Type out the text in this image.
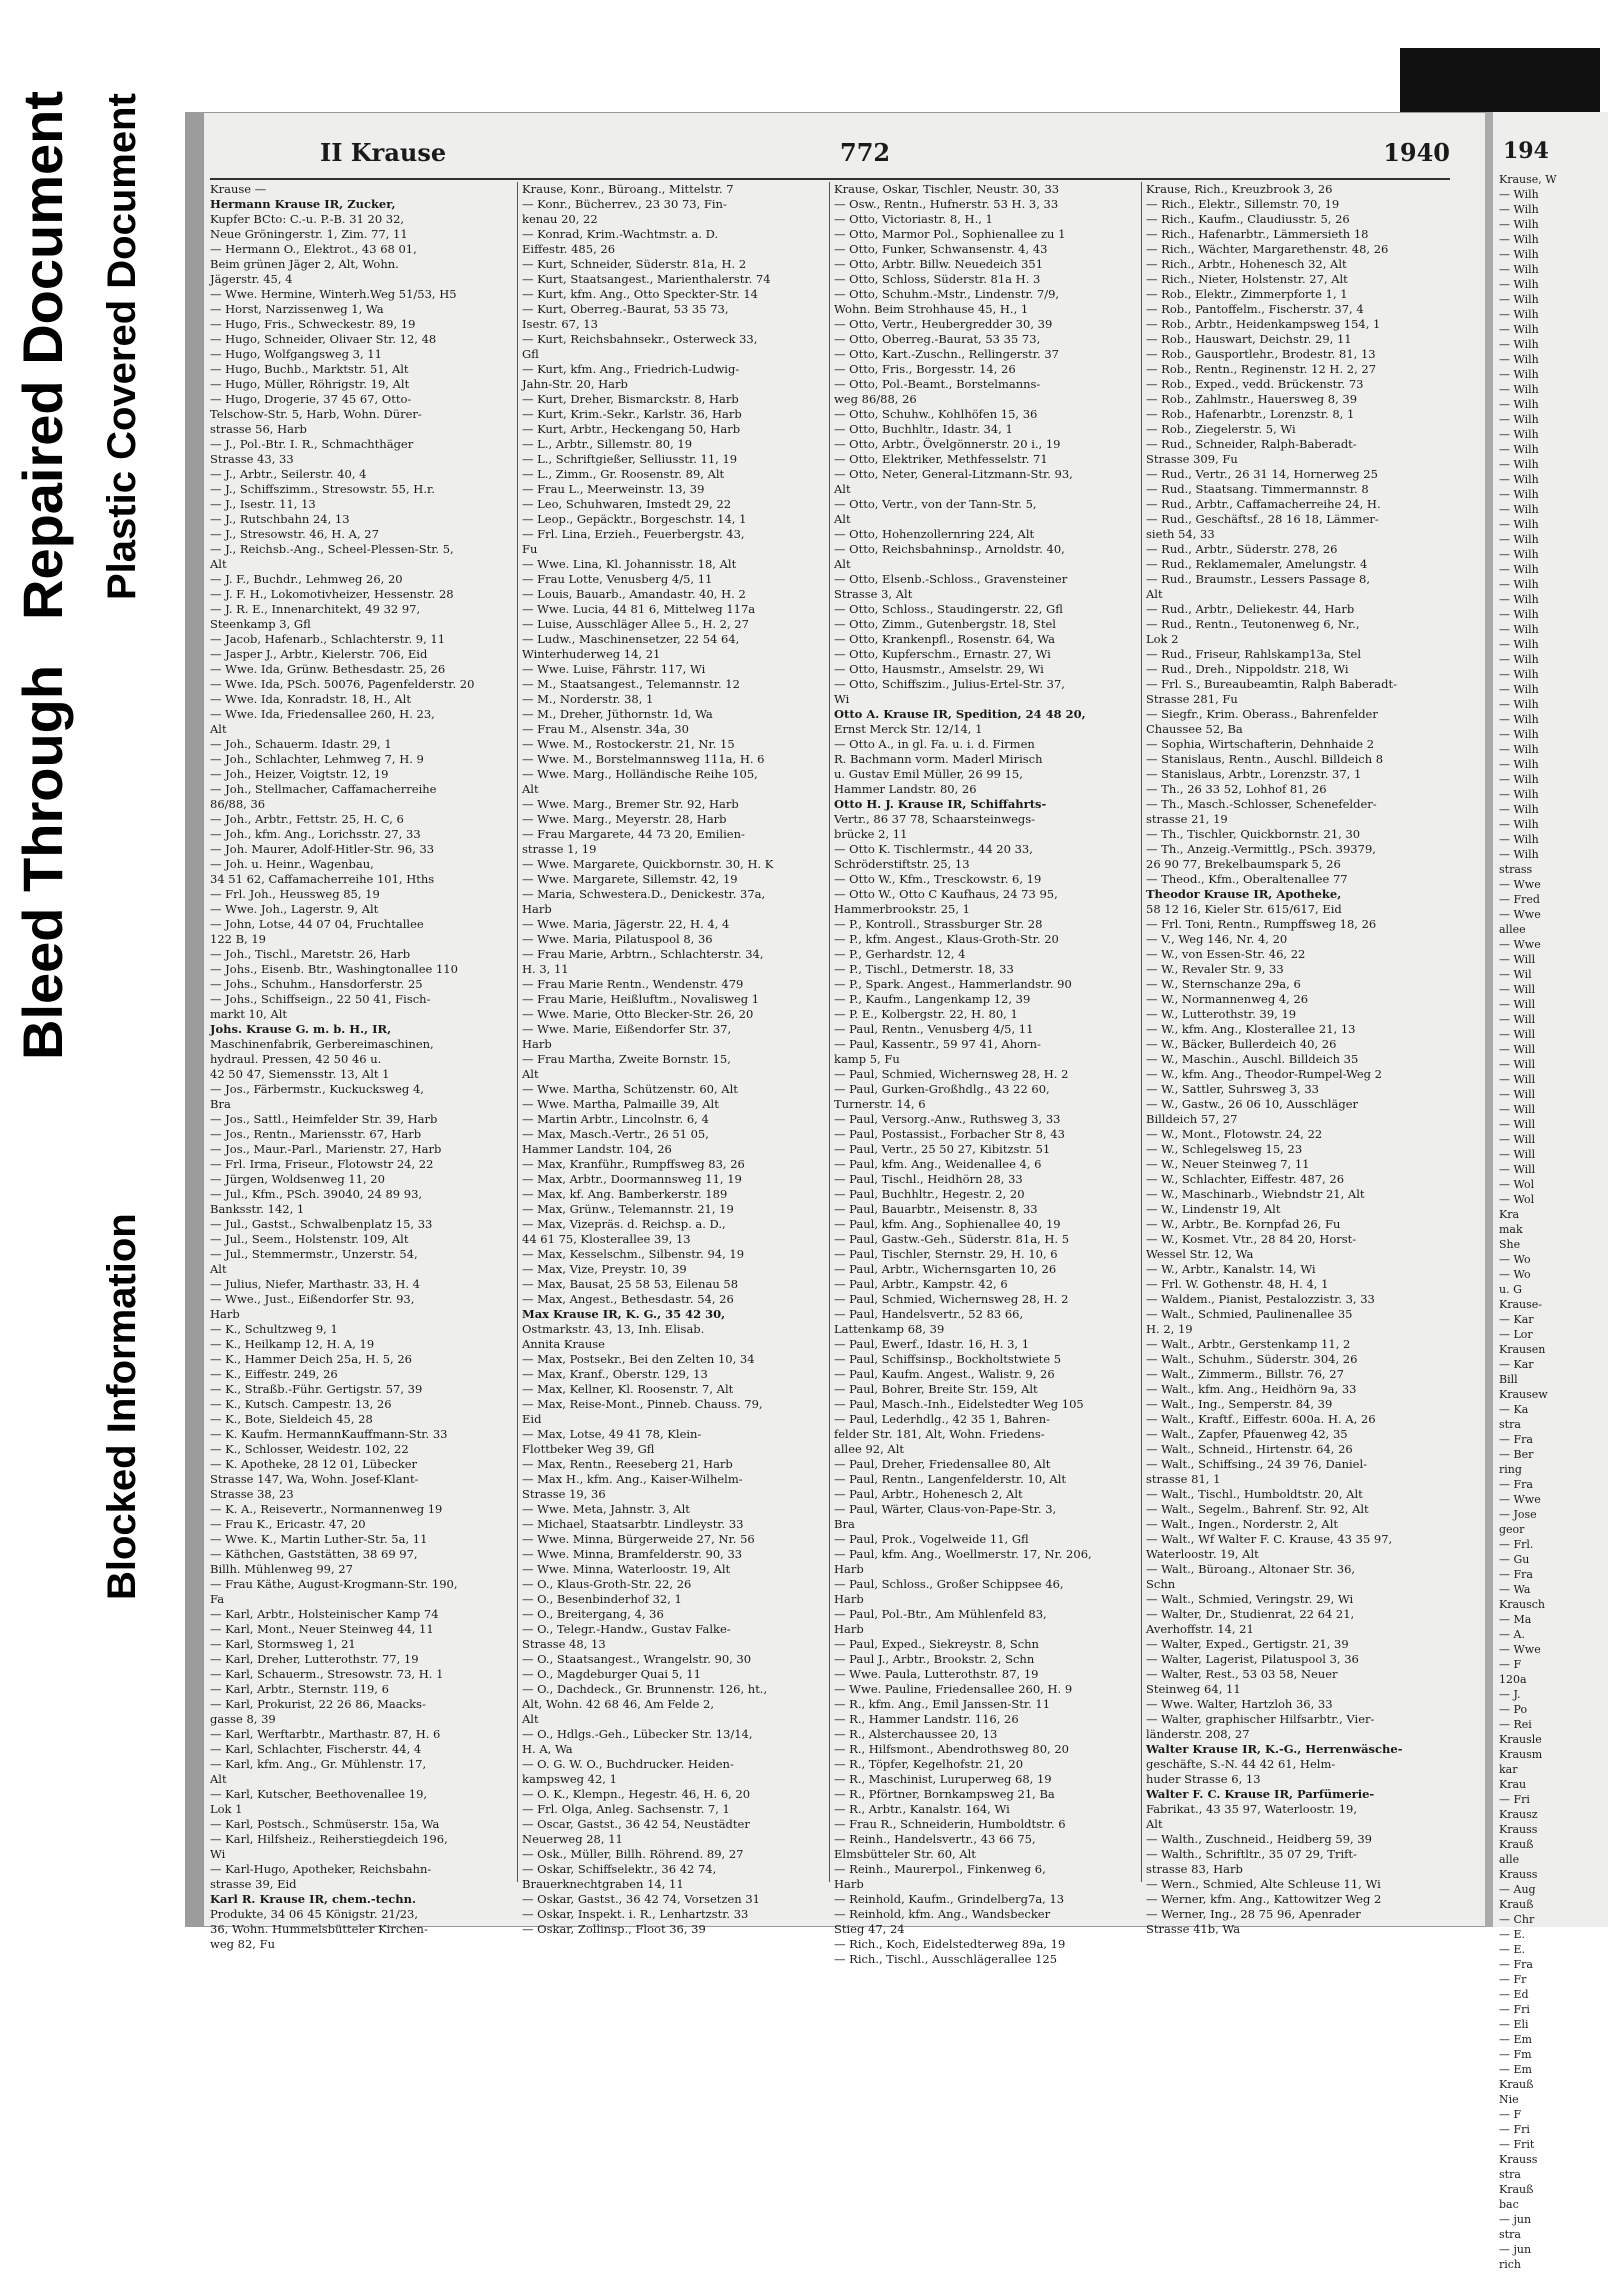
Repaired Document
Bleed Through
Plastic Covered Document
Blocked Information
194
Krause, W
— Wilh
— Wilh
— Wilh
— Wilh
— Wilh
— Wilh
— Wilh
— Wilh
— Wilh
— Wilh
— Wilh
— Wilh
— Wilh
— Wilh
— Wilh
— Wilh
— Wilh
— Wilh
— Wilh
— Wilh
— Wilh
— Wilh
— Wilh
— Wilh
— Wilh
— Wilh
— Wilh
— Wilh
— Wilh
— Wilh
— Wilh
— Wilh
— Wilh
— Wilh
— Wilh
— Wilh
— Wilh
— Wilh
— Wilh
— Wilh
— Wilh
— Wilh
— Wilh
— Wilh
— Wilh
strass
— Wwe
— Fred
— Wwe
allee
— Wwe
— Will
— Wil
— Will
— Will
— Will
— Will
— Will
— Will
— Will
— Will
— Will
— Will
— Will
— Will
— Will
— Wol
— Wol
Kra
mak
She
— Wo
— Wo
u. G
Krause-
— Kar
— Lor
Krausen
— Kar
Bill
Krausew
— Ka
stra
— Fra
— Ber
ring
— Fra
— Wwe
— Jose
geor
— Frl.
— Gu
— Fra
— Wa
Krausch
— Ma
— A.
— Wwe
— F
120a
— J.
— Po
— Rei
Krausle
Krausm
kar
Krau
— Fri
Krausz
Krauss
Krauß
alle
Krauss
— Aug
Krauß
— Chr
— E.
— E.
— Fra
— Fr
— Ed
— Fri
— Eli
— Em
— Fm
— Em
Krauß
Nie
— F
— Fri
— Frit
Krauss
stra
Krauß
bac
— jun
stra
— jun
rich
II Krause	772	1940
Krause —
Hermann Krause IR, Zucker,
Kupfer BCto: C.-u. P.-B. 31 20 32,
Neue Gröningerstr. 1, Zim. 77, 11
— Hermann O., Elektrot., 43 68 01,
Beim grünen Jäger 2, Alt, Wohn.
Jägerstr. 45, 4
— Wwe. Hermine, Winterh.Weg 51/53, H5
— Horst, Narzissenweg 1, Wa
— Hugo, Fris., Schweckestr. 89, 19
— Hugo, Schneider, Olivaer Str. 12, 48
— Hugo, Wolfgangsweg 3, 11
— Hugo, Buchb., Marktstr. 51, Alt
— Hugo, Müller, Röhrigstr. 19, Alt
— Hugo, Drogerie, 37 45 67, Otto-
Telschow-Str. 5, Harb, Wohn. Dürer-
strasse 56, Harb
— J., Pol.-Btr. I. R., Schmachthäger
Strasse 43, 33
— J., Arbtr., Seilerstr. 40, 4
— J., Schiffszimm., Stresowstr. 55, H.r.
— J., Isestr. 11, 13
— J., Rutschbahn 24, 13
— J., Stresowstr. 46, H. A, 27
— J., Reichsb.-Ang., Scheel-Plessen-Str. 5,
Alt
— J. F., Buchdr., Lehmweg 26, 20
— J. F. H., Lokomotivheizer, Hessenstr. 28
— J. R. E., Innenarchitekt, 49 32 97,
Steenkamp 3, Gfl
— Jacob, Hafenarb., Schlachterstr. 9, 11
— Jasper J., Arbtr., Kielerstr. 706, Eid
— Wwe. Ida, Grünw. Bethesdastr. 25, 26
— Wwe. Ida, PSch. 50076, Pagenfelderstr. 20
— Wwe. Ida, Konradstr. 18, H., Alt
— Wwe. Ida, Friedensallee 260, H. 23,
Alt
— Joh., Schauerm. Idastr. 29, 1
— Joh., Schlachter, Lehmweg 7, H. 9
— Joh., Heizer, Voigtstr. 12, 19
— Joh., Stellmacher, Caffamacherreihe
86/88, 36
— Joh., Arbtr., Fettstr. 25, H. C, 6
— Joh., kfm. Ang., Lorichsstr. 27, 33
— Joh. Maurer, Adolf-Hitler-Str. 96, 33
— Joh. u. Heinr., Wagenbau,
34 51 62, Caffamacherreihe 101, Hths
— Frl. Joh., Heussweg 85, 19
— Wwe. Joh., Lagerstr. 9, Alt
— John, Lotse, 44 07 04, Fruchtallee
122 B, 19
— Joh., Tischl., Maretstr. 26, Harb
— Johs., Eisenb. Btr., Washingtonallee 110
— Johs., Schuhm., Hansdorferstr. 25
— Johs., Schiffseign., 22 50 41, Fisch-
markt 10, Alt
Johs. Krause G. m. b. H., IR,
Maschinenfabrik, Gerbereimaschinen,
hydraul. Pressen, 42 50 46 u.
42 50 47, Siemensstr. 13, Alt 1
— Jos., Färbermstr., Kuckucksweg 4,
Bra
— Jos., Sattl., Heimfelder Str. 39, Harb
— Jos., Rentn., Mariensstr. 67, Harb
— Jos., Maur.-Parl., Marienstr. 27, Harb
— Frl. Irma, Friseur., Flotowstr 24, 22
— Jürgen, Woldsenweg 11, 20
— Jul., Kfm., PSch. 39040, 24 89 93,
Banksstr. 142, 1
— Jul., Gastst., Schwalbenplatz 15, 33
— Jul., Seem., Holstenstr. 109, Alt
— Jul., Stemmermstr., Unzerstr. 54,
Alt
— Julius, Niefer, Marthastr. 33, H. 4
— Wwe., Just., Eißendorfer Str. 93,
Harb
— K., Schultzweg 9, 1
— K., Heilkamp 12, H. A, 19
— K., Hammer Deich 25a, H. 5, 26
— K., Eiffestr. 249, 26
— K., Straßb.-Führ. Gertigstr. 57, 39
— K., Kutsch. Campestr. 13, 26
— K., Bote, Sieldeich 45, 28
— K. Kaufm. HermannKauffmann-Str. 33
— K., Schlosser, Weidestr. 102, 22
— K. Apotheke, 28 12 01, Lübecker
Strasse 147, Wa, Wohn. Josef-Klant-
Strasse 38, 23
— K. A., Reisevertr., Normannenweg 19
— Frau K., Ericastr. 47, 20
— Wwe. K., Martin Luther-Str. 5a, 11
— Käthchen, Gaststätten, 38 69 97,
Billh. Mühlenweg 99, 27
— Frau Käthe, August-Krogmann-Str. 190,
Fa
— Karl, Arbtr., Holsteinischer Kamp 74
— Karl, Mont., Neuer Steinweg 44, 11
— Karl, Stormsweg 1, 21
— Karl, Dreher, Lutterothstr. 77, 19
— Karl, Schauerm., Stresowstr. 73, H. 1
— Karl, Arbtr., Sternstr. 119, 6
— Karl, Prokurist, 22 26 86, Maacks-
gasse 8, 39
— Karl, Werftarbtr., Marthastr. 87, H. 6
— Karl, Schlachter, Fischerstr. 44, 4
— Karl, kfm. Ang., Gr. Mühlenstr. 17,
Alt
— Karl, Kutscher, Beethovenallee 19,
Lok 1
— Karl, Postsch., Schmüserstr. 15a, Wa
— Karl, Hilfsheiz., Reiherstiegdeich 196,
Wi
— Karl-Hugo, Apotheker, Reichsbahn-
strasse 39, Eid
Karl R. Krause IR, chem.-techn.
Produkte, 34 06 45 Königstr. 21/23,
36, Wohn. Hummelsbütteler Kirchen-
weg 82, Fu
Krause, Konr., Büroang., Mittelstr. 7
— Konr., Bücherrev., 23 30 73, Fin-
kenau 20, 22
— Konrad, Krim.-Wachtmstr. a. D.
Eiffestr. 485, 26
— Kurt, Schneider, Süderstr. 81a, H. 2
— Kurt, Staatsangest., Marienthalerstr. 74
— Kurt, kfm. Ang., Otto Speckter-Str. 14
— Kurt, Oberreg.-Baurat, 53 35 73,
Isestr. 67, 13
— Kurt, Reichsbahnsekr., Osterweck 33,
Gfl
— Kurt, kfm. Ang., Friedrich-Ludwig-
Jahn-Str. 20, Harb
— Kurt, Dreher, Bismarckstr. 8, Harb
— Kurt, Krim.-Sekr., Karlstr. 36, Harb
— Kurt, Arbtr., Heckengang 50, Harb
— L., Arbtr., Sillemstr. 80, 19
— L., Schriftgießer, Selliusstr. 11, 19
— L., Zimm., Gr. Roosenstr. 89, Alt
— Frau L., Meerweinstr. 13, 39
— Leo, Schuhwaren, Imstedt 29, 22
— Leop., Gepäcktr., Borgeschstr. 14, 1
— Frl. Lina, Erzieh., Feuerbergstr. 43,
Fu
— Wwe. Lina, Kl. Johannisstr. 18, Alt
— Frau Lotte, Venusberg 4/5, 11
— Louis, Bauarb., Amandastr. 40, H. 2
— Wwe. Lucia, 44 81 6, Mittelweg 117a
— Luise, Ausschläger Allee 5., H. 2, 27
— Ludw., Maschinensetzer, 22 54 64,
Winterhuderweg 14, 21
— Wwe. Luise, Fährstr. 117, Wi
— M., Staatsangest., Telemannstr. 12
— M., Norderstr. 38, 1
— M., Dreher, Jüthornstr. 1d, Wa
— Frau M., Alsenstr. 34a, 30
— Wwe. M., Rostockerstr. 21, Nr. 15
— Wwe. M., Borstelmannsweg 111a, H. 6
— Wwe. Marg., Holländische Reihe 105,
Alt
— Wwe. Marg., Bremer Str. 92, Harb
— Wwe. Marg., Meyerstr. 28, Harb
— Frau Margarete, 44 73 20, Emilien-
strasse 1, 19
— Wwe. Margarete, Quickbornstr. 30, H. K
— Wwe. Margarete, Sillemstr. 42, 19
— Maria, Schwestera.D., Denickestr. 37a,
Harb
— Wwe. Maria, Jägerstr. 22, H. 4, 4
— Wwe. Maria, Pilatuspool 8, 36
— Frau Marie, Arbtrn., Schlachterstr. 34,
H. 3, 11
— Frau Marie Rentn., Wendenstr. 479
— Frau Marie, Heißluftm., Novalisweg 1
— Wwe. Marie, Otto Blecker-Str. 26, 20
— Wwe. Marie, Eißendorfer Str. 37,
Harb
— Frau Martha, Zweite Bornstr. 15,
Alt
— Wwe. Martha, Schützenstr. 60, Alt
— Wwe. Martha, Palmaille 39, Alt
— Martin Arbtr., Lincolnstr. 6, 4
— Max, Masch.-Vertr., 26 51 05,
Hammer Landstr. 104, 26
— Max, Kranführ., Rumpffsweg 83, 26
— Max, Arbtr., Doormannsweg 11, 19
— Max, kf. Ang. Bamberkerstr. 189
— Max, Grünw., Telemannstr. 21, 19
— Max, Vizepräs. d. Reichsp. a. D.,
44 61 75, Klosterallee 39, 13
— Max, Kesselschm., Silbenstr. 94, 19
— Max, Vize, Preystr. 10, 39
— Max, Bausat, 25 58 53, Eilenau 58
— Max, Angest., Bethesdastr. 54, 26
Max Krause IR, K. G., 35 42 30,
Ostmarkstr. 43, 13, Inh. Elisab.
Annita Krause
— Max, Postsekr., Bei den Zelten 10, 34
— Max, Kranf., Oberstr. 129, 13
— Max, Kellner, Kl. Roosenstr. 7, Alt
— Max, Reise-Mont., Pinneb. Chauss. 79,
Eid
— Max, Lotse, 49 41 78, Klein-
Flottbeker Weg 39, Gfl
— Max, Rentn., Reeseberg 21, Harb
— Max H., kfm. Ang., Kaiser-Wilhelm-
Strasse 19, 36
— Wwe. Meta, Jahnstr. 3, Alt
— Michael, Staatsarbtr. Lindleystr. 33
— Wwe. Minna, Bürgerweide 27, Nr. 56
— Wwe. Minna, Bramfelderstr. 90, 33
— Wwe. Minna, Waterloostr. 19, Alt
— O., Klaus-Groth-Str. 22, 26
— O., Besenbinderhof 32, 1
— O., Breitergang, 4, 36
— O., Telegr.-Handw., Gustav Falke-
Strasse 48, 13
— O., Staatsangest., Wrangelstr. 90, 30
— O., Magdeburger Quai 5, 11
— O., Dachdeck., Gr. Brunnenstr. 126, ht.,
Alt, Wohn. 42 68 46, Am Felde 2,
Alt
— O., Hdlgs.-Geh., Lübecker Str. 13/14,
H. A, Wa
— O. G. W. O., Buchdrucker. Heiden-
kampsweg 42, 1
— O. K., Klempn., Hegestr. 46, H. 6, 20
— Frl. Olga, Anleg. Sachsenstr. 7, 1
— Oscar, Gastst., 36 42 54, Neustädter
Neuerweg 28, 11
— Osk., Müller, Billh. Röhrend. 89, 27
— Oskar, Schiffselektr., 36 42 74,
Brauerknechtgraben 14, 11
— Oskar, Gastst., 36 42 74, Vorsetzen 31
— Oskar, Inspekt. i. R., Lenhartzstr. 33
— Oskar, Zollinsp., Floot 36, 39
Krause, Oskar, Tischler, Neustr. 30, 33
— Osw., Rentn., Hufnerstr. 53 H. 3, 33
— Otto, Victoriastr. 8, H., 1
— Otto, Marmor Pol., Sophienallee zu 1
— Otto, Funker, Schwansenstr. 4, 43
— Otto, Arbtr. Billw. Neuedeich 351
— Otto, Schloss, Süderstr. 81a H. 3
— Otto, Schuhm.-Mstr., Lindenstr. 7/9,
Wohn. Beim Strohhause 45, H., 1
— Otto, Vertr., Heubergredder 30, 39
— Otto, Oberreg.-Baurat, 53 35 73,
— Otto, Kart.-Zuschn., Rellingerstr. 37
— Otto, Fris., Borgesstr. 14, 26
— Otto, Pol.-Beamt., Borstelmanns-
weg 86/88, 26
— Otto, Schuhw., Kohlhöfen 15, 36
— Otto, Buchhltr., Idastr. 34, 1
— Otto, Arbtr., Övelgönnerstr. 20 i., 19
— Otto, Elektriker, Methfesselstr. 71
— Otto, Neter, General-Litzmann-Str. 93,
Alt
— Otto, Vertr., von der Tann-Str. 5,
Alt
— Otto, Hohenzollernring 224, Alt
— Otto, Reichsbahninsp., Arnoldstr. 40,
Alt
— Otto, Elsenb.-Schloss., Gravensteiner
Strasse 3, Alt
— Otto, Schloss., Staudingerstr. 22, Gfl
— Otto, Zimm., Gutenbergstr. 18, Stel
— Otto, Krankenpfl., Rosenstr. 64, Wa
— Otto, Kupferschm., Ernastr. 27, Wi
— Otto, Hausmstr., Amselstr. 29, Wi
— Otto, Schiffszim., Julius-Ertel-Str. 37,
Wi
Otto A. Krause IR, Spedition, 24 48 20,
Ernst Merck Str. 12/14, 1
— Otto A., in gl. Fa. u. i. d. Firmen
R. Bachmann vorm. Maderl Mirisch
u. Gustav Emil Müller, 26 99 15,
Hammer Landstr. 80, 26
Otto H. J. Krause IR, Schiffahrts-
Vertr., 86 37 78, Schaarsteinwegs-
brücke 2, 11
— Otto K. Tischlermstr., 44 20 33,
Schröderstiftstr. 25, 13
— Otto W., Kfm., Tresckowstr. 6, 19
— Otto W., Otto C Kaufhaus, 24 73 95,
Hammerbrookstr. 25, 1
— P., Kontroll., Strassburger Str. 28
— P., kfm. Angest., Klaus-Groth-Str. 20
— P., Gerhardstr. 12, 4
— P., Tischl., Detmerstr. 18, 33
— P., Spark. Angest., Hammerlandstr. 90
— P., Kaufm., Langenkamp 12, 39
— P. E., Kolbergstr. 22, H. 80, 1
— Paul, Rentn., Venusberg 4/5, 11
— Paul, Kassentr., 59 97 41, Ahorn-
kamp 5, Fu
— Paul, Schmied, Wichernsweg 28, H. 2
— Paul, Gurken-Großhdlg., 43 22 60,
Turnerstr. 14, 6
— Paul, Versorg.-Anw., Ruthsweg 3, 33
— Paul, Postassist., Forbacher Str 8, 43
— Paul, Vertr., 25 50 27, Kibitzstr. 51
— Paul, kfm. Ang., Weidenallee 4, 6
— Paul, Tischl., Heidhörn 28, 33
— Paul, Buchhltr., Hegestr. 2, 20
— Paul, Bauarbtr., Meisenstr. 8, 33
— Paul, kfm. Ang., Sophienallee 40, 19
— Paul, Gastw.-Geh., Süderstr. 81a, H. 5
— Paul, Tischler, Sternstr. 29, H. 10, 6
— Paul, Arbtr., Wichernsgarten 10, 26
— Paul, Arbtr., Kampstr. 42, 6
— Paul, Schmied, Wichernsweg 28, H. 2
— Paul, Handelsvertr., 52 83 66,
Lattenkamp 68, 39
— Paul, Ewerf., Idastr. 16, H. 3, 1
— Paul, Schiffsinsp., Bockholtstwiete 5
— Paul, Kaufm. Angest., Walistr. 9, 26
— Paul, Bohrer, Breite Str. 159, Alt
— Paul, Masch.-Inh., Eidelstedter Weg 105
— Paul, Lederhdlg., 42 35 1, Bahren-
felder Str. 181, Alt, Wohn. Friedens-
allee 92, Alt
— Paul, Dreher, Friedensallee 80, Alt
— Paul, Rentn., Langenfelderstr. 10, Alt
— Paul, Arbtr., Hohenesch 2, Alt
— Paul, Wärter, Claus-von-Pape-Str. 3,
Bra
— Paul, Prok., Vogelweide 11, Gfl
— Paul, kfm. Ang., Woellmerstr. 17, Nr. 206,
Harb
— Paul, Schloss., Großer Schippsee 46,
Harb
— Paul, Pol.-Btr., Am Mühlenfeld 83,
Harb
— Paul, Exped., Siekreystr. 8, Schn
— Paul J., Arbtr., Brookstr. 2, Schn
— Wwe. Paula, Lutterothstr. 87, 19
— Wwe. Pauline, Friedensallee 260, H. 9
— R., kfm. Ang., Emil Janssen-Str. 11
— R., Hammer Landstr. 116, 26
— R., Alsterchaussee 20, 13
— R., Hilfsmont., Abendrothsweg 80, 20
— R., Töpfer, Kegelhofstr. 21, 20
— R., Maschinist, Luruperweg 68, 19
— R., Pförtner, Bornkampsweg 21, Ba
— R., Arbtr., Kanalstr. 164, Wi
— Frau R., Schneiderin, Humboldtstr. 6
— Reinh., Handelsvertr., 43 66 75,
Elmsbütteler Str. 60, Alt
— Reinh., Maurerpol., Finkenweg 6,
Harb
— Reinhold, Kaufm., Grindelberg7a, 13
— Reinhold, kfm. Ang., Wandsbecker
Stieg 47, 24
— Rich., Koch, Eidelstedterweg 89a, 19
— Rich., Tischl., Ausschlägerallee 125
Krause, Rich., Kreuzbrook 3, 26
— Rich., Elektr., Sillemstr. 70, 19
— Rich., Kaufm., Claudiusstr. 5, 26
— Rich., Hafenarbtr., Lämmersieth 18
— Rich., Wächter, Margarethenstr. 48, 26
— Rich., Arbtr., Hohenesch 32, Alt
— Rich., Nieter, Holstenstr. 27, Alt
— Rob., Elektr., Zimmerpforte 1, 1
— Rob., Pantoffelm., Fischerstr. 37, 4
— Rob., Arbtr., Heidenkampsweg 154, 1
— Rob., Hauswart, Deichstr. 29, 11
— Rob., Gausportlehr., Brodestr. 81, 13
— Rob., Rentn., Reginenstr. 12 H. 2, 27
— Rob., Exped., vedd. Brückenstr. 73
— Rob., Zahlmstr., Hauersweg 8, 39
— Rob., Hafenarbtr., Lorenzstr. 8, 1
— Rob., Ziegelerstr. 5, Wi
— Rud., Schneider, Ralph-Baberadt-
Strasse 309, Fu
— Rud., Vertr., 26 31 14, Hornerweg 25
— Rud., Staatsang. Timmermannstr. 8
— Rud., Arbtr., Caffamacherreihe 24, H.
— Rud., Geschäftsf., 28 16 18, Lämmer-
sieth 54, 33
— Rud., Arbtr., Süderstr. 278, 26
— Rud., Reklamemaler, Amelungstr. 4
— Rud., Braumstr., Lessers Passage 8,
Alt
— Rud., Arbtr., Deliekestr. 44, Harb
— Rud., Rentn., Teutonenweg 6, Nr.,
Lok 2
— Rud., Friseur, Rahlskamp13a, Stel
— Rud., Dreh., Nippoldstr. 218, Wi
— Frl. S., Bureaubeamtin, Ralph Baberadt-
Strasse 281, Fu
— Siegfr., Krim. Oberass., Bahrenfelder
Chaussee 52, Ba
— Sophia, Wirtschafterin, Dehnhaide 2
— Stanislaus, Rentn., Auschl. Billdeich 8
— Stanislaus, Arbtr., Lorenzstr. 37, 1
— Th., 26 33 52, Lohhof 81, 26
— Th., Masch.-Schlosser, Schenefelder-
strasse 21, 19
— Th., Tischler, Quickbornstr. 21, 30
— Th., Anzeig.-Vermittlg., PSch. 39379,
26 90 77, Brekelbaumspark 5, 26
— Theod., Kfm., Oberaltenallee 77
Theodor Krause IR, Apotheke,
58 12 16, Kieler Str. 615/617, Eid
— Frl. Toni, Rentn., Rumpffsweg 18, 26
— V., Weg 146, Nr. 4, 20
— W., von Essen-Str. 46, 22
— W., Revaler Str. 9, 33
— W., Sternschanze 29a, 6
— W., Normannenweg 4, 26
— W., Lutterothstr. 39, 19
— W., kfm. Ang., Klosterallee 21, 13
— W., Bäcker, Bullerdeich 40, 26
— W., Maschin., Auschl. Billdeich 35
— W., kfm. Ang., Theodor-Rumpel-Weg 2
— W., Sattler, Suhrsweg 3, 33
— W., Gastw., 26 06 10, Ausschläger
Billdeich 57, 27
— W., Mont., Flotowstr. 24, 22
— W., Schlegelsweg 15, 23
— W., Neuer Steinweg 7, 11
— W., Schlachter, Eiffestr. 487, 26
— W., Maschinarb., Wiebndstr 21, Alt
— W., Lindenstr 19, Alt
— W., Arbtr., Be. Kornpfad 26, Fu
— W., Kosmet. Vtr., 28 84 20, Horst-
Wessel Str. 12, Wa
— W., Arbtr., Kanalstr. 14, Wi
— Frl. W. Gothenstr. 48, H. 4, 1
— Waldem., Pianist, Pestalozzistr. 3, 33
— Walt., Schmied, Paulinenallee 35
H. 2, 19
— Walt., Arbtr., Gerstenkamp 11, 2
— Walt., Schuhm., Süderstr. 304, 26
— Walt., Zimmerm., Billstr. 76, 27
— Walt., kfm. Ang., Heidhörn 9a, 33
— Walt., Ing., Semperstr. 84, 39
— Walt., Kraftf., Eiffestr. 600a. H. A, 26
— Walt., Zapfer, Pfauenweg 42, 35
— Walt., Schneid., Hirtenstr. 64, 26
— Walt., Schiffsing., 24 39 76, Daniel-
strasse 81, 1
— Walt., Tischl., Humboldtstr. 20, Alt
— Walt., Segelm., Bahrenf. Str. 92, Alt
— Walt., Ingen., Norderstr. 2, Alt
— Walt., Wf Walter F. C. Krause, 43 35 97,
Waterloostr. 19, Alt
— Walt., Büroang., Altonaer Str. 36,
Schn
— Walt., Schmied, Veringstr. 29, Wi
— Walter, Dr., Studienrat, 22 64 21,
Averhoffstr. 14, 21
— Walter, Exped., Gertigstr. 21, 39
— Walter, Lagerist, Pilatuspool 3, 36
— Walter, Rest., 53 03 58, Neuer
Steinweg 64, 11
— Wwe. Walter, Hartzloh 36, 33
— Walter, graphischer Hilfsarbtr., Vier-
länderstr. 208, 27
Walter Krause IR, K.-G., Herrenwäsche-
geschäfte, S.-N. 44 42 61, Helm-
huder Strasse 6, 13
Walter F. C. Krause IR, Parfümerie-
Fabrikat., 43 35 97, Waterloostr. 19,
Alt
— Walth., Zuschneid., Heidberg 59, 39
— Walth., Schriftltr., 35 07 29, Trift-
strasse 83, Harb
— Wern., Schmied, Alte Schleuse 11, Wi
— Werner, kfm. Ang., Kattowitzer Weg 2
— Werner, Ing., 28 75 96, Apenrader
Strasse 41b, Wa
